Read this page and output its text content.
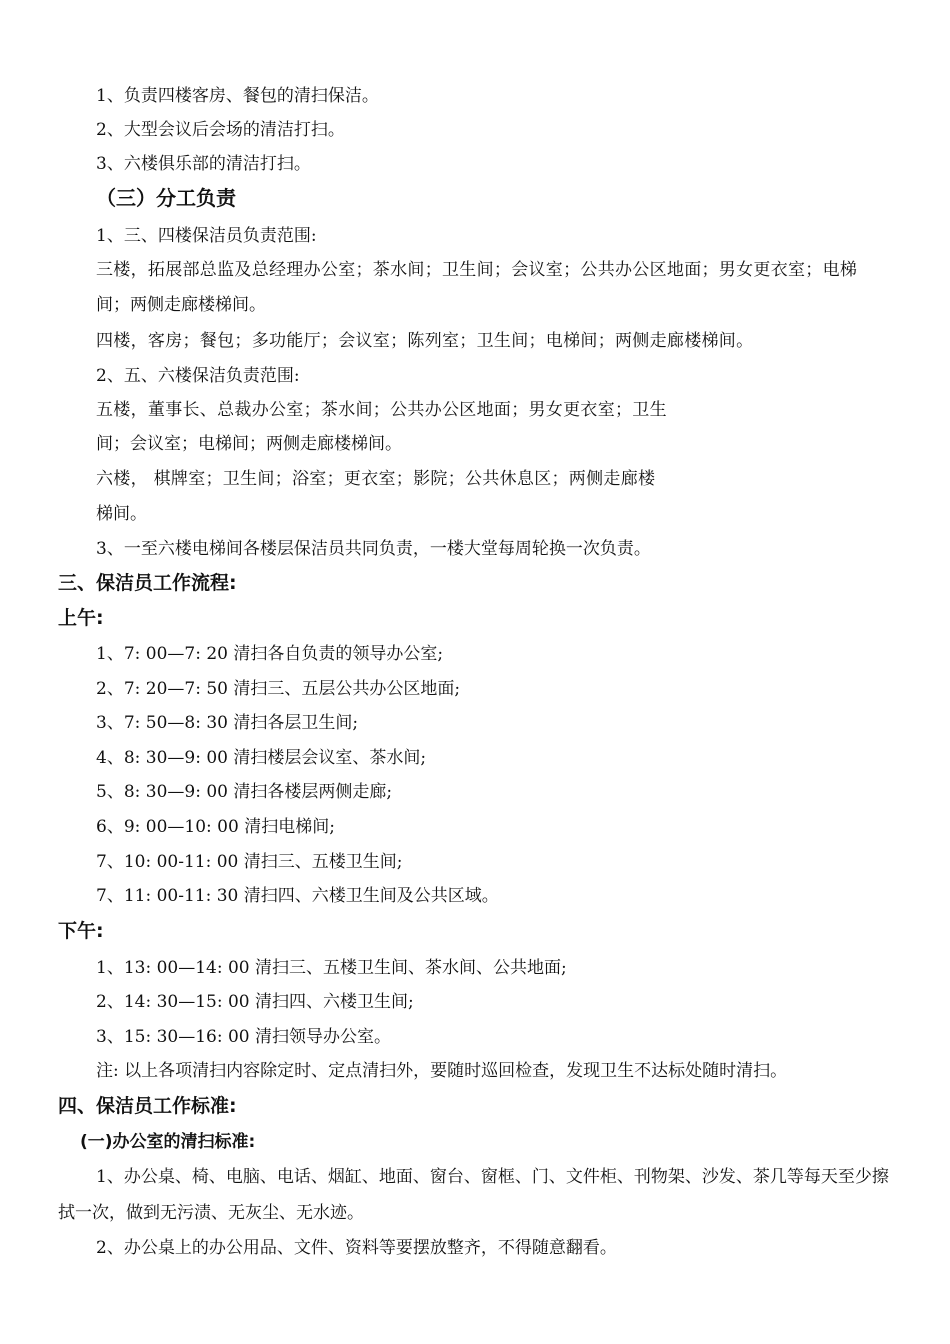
1、负责四楼客房、餐包的清扫保洁。
2、大型会议后会场的清洁打扫。
3、六楼俱乐部的清洁打扫。
（三）分工负责
1、三、四楼保洁员负责范围:
三楼，拓展部总监及总经理办公室；茶水间；卫生间；会议室；公共办公区地面；男女更衣室；电梯
间；两侧走廊楼梯间。
四楼，客房；餐包；多功能厅；会议室；陈列室；卫生间；电梯间；两侧走廊楼梯间。
2、五、六楼保洁负责范围:
五楼，董事长、总裁办公室；茶水间；公共办公区地面；男女更衣室；卫生
间；会议室；电梯间；两侧走廊楼梯间。
六楼， 棋牌室；卫生间；浴室；更衣室；影院；公共休息区；两侧走廊楼
梯间。
3、一至六楼电梯间各楼层保洁员共同负责，一楼大堂每周轮换一次负责。
三、保洁员工作流程:
上午:
1、7: 00—7: 20 清扫各自负责的领导办公室;
2、7: 20—7: 50 清扫三、五层公共办公区地面;
3、7: 50—8: 30 清扫各层卫生间;
4、8: 30—9: 00 清扫楼层会议室、茶水间;
5、8: 30—9: 00 清扫各楼层两侧走廊;
6、9: 00—10: 00 清扫电梯间;
7、10: 00-11: 00 清扫三、五楼卫生间;
7、11: 00-11: 30 清扫四、六楼卫生间及公共区域。
下午:
1、13: 00—14: 00 清扫三、五楼卫生间、茶水间、公共地面;
2、14: 30—15: 00 清扫四、六楼卫生间;
3、15: 30—16: 00 清扫领导办公室。
注: 以上各项清扫内容除定时、定点清扫外，要随时巡回检查，发现卫生不达标处随时清扫。
四、保洁员工作标准:
(一)办公室的清扫标准:
1、办公桌、椅、电脑、电话、烟缸、地面、窗台、窗框、门、文件柜、刊物架、沙发、茶几等每天至少擦
拭一次，做到无污渍、无灰尘、无水迹。
2、办公桌上的办公用品、文件、资料等要摆放整齐，不得随意翻看。
